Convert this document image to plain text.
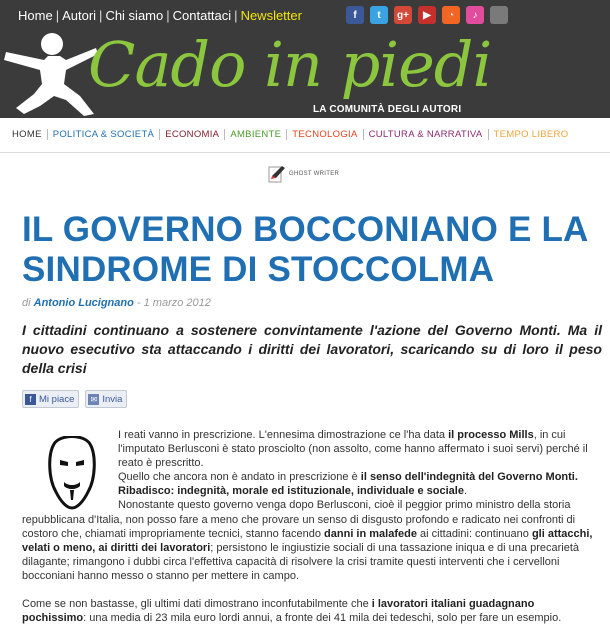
Home | Autori | Chi siamo | Contattaci | Newsletter	f	t	g+	▶	◔	♪
Cado in piedi
LA COMUNITÀ DEGLI AUTORI
HOME	POLITICA & SOCIETÀ	ECONOMIA	AMBIENTE	TECNOLOGIA	CULTURA & NARRATIVA	TEMPO LIBERO
GHOST WRITER
IL GOVERNO BOCCONIANO E LA SINDROME DI STOCCOLMA
di Antonio Lucignano - 1 marzo 2012

I cittadini continuano a sostenere convintamente l'azione del Governo Monti. Ma il nuovo esecutivo sta attaccando i diritti dei lavoratori, scaricando su di loro il peso della crisi

f Mi piace ✉ Invia

I reati vanno in prescrizione. L'ennesima dimostrazione ce l'ha data il processo Mills, in cui l'imputato Berlusconi è stato prosciolto (non assolto, come hanno affermato i suoi servi) perché il reato è prescritto.

Quello che ancora non è andato in prescrizione è il senso dell'indegnità del Governo Monti. Ribadisco: indegnità, morale ed istituzionale, individuale e sociale.

Nonostante questo governo venga dopo Berlusconi, cioè il peggior primo ministro della storia repubblicana d'Italia, non posso fare a meno che provare un senso di disgusto profondo e radicato nei confronti di costoro che, chiamati impropriamente tecnici, stanno facendo danni in malafede ai cittadini: continuano gli attacchi, velati o meno, ai diritti dei lavoratori; persistono le ingiustizie sociali di una tassazione iniqua e di una precarietà dilagante; rimangono i dubbi circa l'effettiva capacità di risolvere la crisi tramite questi interventi che i cervelloni bocconiani hanno messo o stanno per mettere in campo.

Come se non bastasse, gli ultimi dati dimostrano inconfutabilmente che i lavoratori italiani guadagnano pochissimo: una media di 23 mila euro lordi annui, a fronte dei 41 mila dei tedeschi, solo per fare un esempio.
